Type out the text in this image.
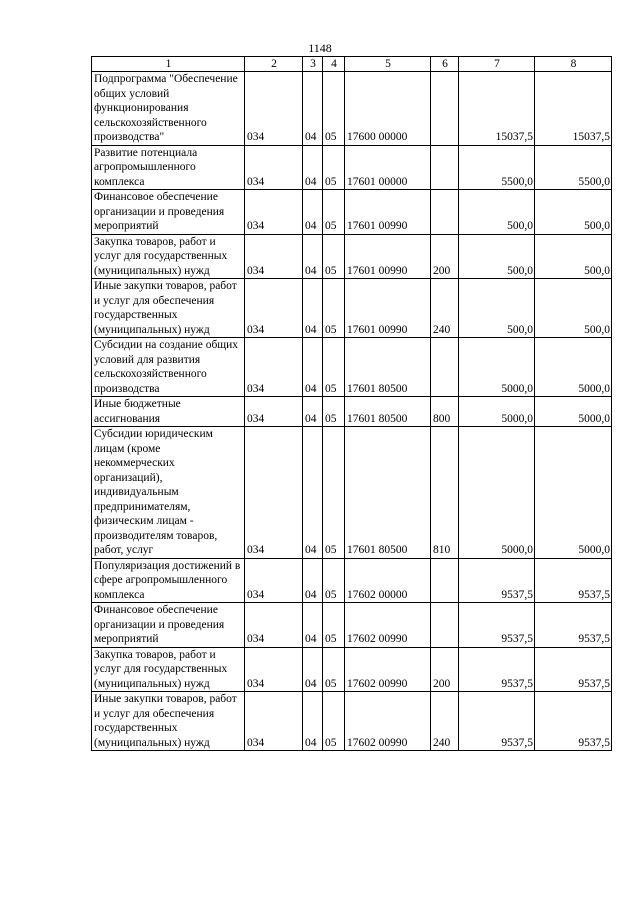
1148
1	2	3	4	5	6	7	8
Подпрограмма "Обеспечение общих условий функционирования сельскохозяйственного производства"	034	04	05	17600 00000		15037,5	15037,5
Развитие потенциала агропромышленного комплекса	034	04	05	17601 00000		5500,0	5500,0
Финансовое обеспечение организации и проведения мероприятий	034	04	05	17601 00990		500,0	500,0
Закупка товаров, работ и услуг для государственных (муниципальных) нужд	034	04	05	17601 00990	200	500,0	500,0
Иные закупки товаров, работ и услуг для обеспечения государственных (муниципальных) нужд	034	04	05	17601 00990	240	500,0	500,0
Субсидии на создание общих условий для развития сельскохозяйственного производства	034	04	05	17601 80500		5000,0	5000,0
Иные бюджетные ассигнования	034	04	05	17601 80500	800	5000,0	5000,0
Субсидии юридическим лицам (кроме некоммерческих организаций), индивидуальным предпринимателям, физическим лицам - производителям товаров, работ, услуг	034	04	05	17601 80500	810	5000,0	5000,0
Популяризация достижений в сфере агропромышленного комплекса	034	04	05	17602 00000		9537,5	9537,5
Финансовое обеспечение организации и проведения мероприятий	034	04	05	17602 00990		9537,5	9537,5
Закупка товаров, работ и услуг для государственных (муниципальных) нужд	034	04	05	17602 00990	200	9537,5	9537,5
Иные закупки товаров, работ и услуг для обеспечения государственных (муниципальных) нужд	034	04	05	17602 00990	240	9537,5	9537,5
